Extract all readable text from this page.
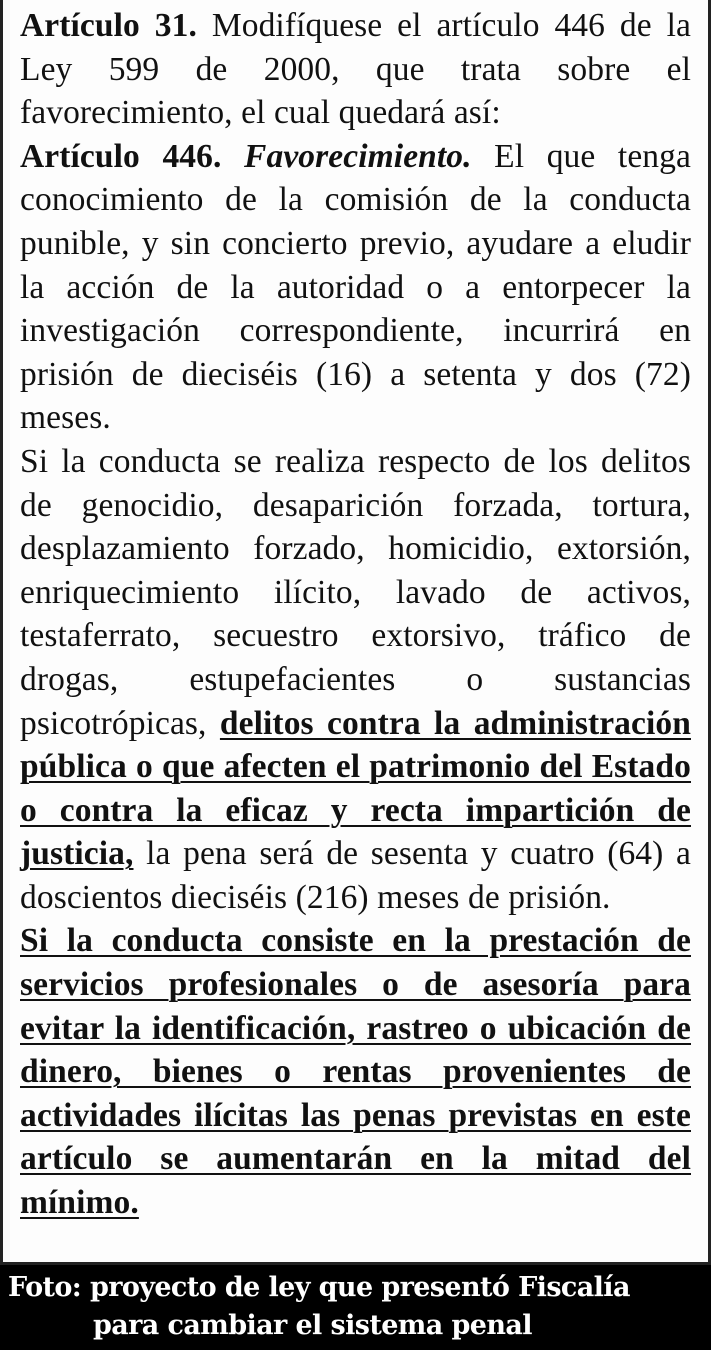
Artículo 31. Modifíquese el artículo 446 de la Ley 599 de 2000, que trata sobre el favorecimiento, el cual quedará así:

Artículo 446. Favorecimiento. El que tenga conocimiento de la comisión de la conducta punible, y sin concierto previo, ayudare a eludir la acción de la autoridad o a entorpecer la investigación correspondiente, incurrirá en prisión de dieciséis (16) a setenta y dos (72) meses.

Si la conducta se realiza respecto de los delitos de genocidio, desaparición forzada, tortura, desplazamiento forzado, homicidio, extorsión, enriquecimiento ilícito, lavado de activos, testaferrato, secuestro extorsivo, tráfico de drogas, estupefacientes o sustancias psicotrópicas, delitos contra la administración pública o que afecten el patrimonio del Estado o contra la eficaz y recta impartición de justicia, la pena será de sesenta y cuatro (64) a doscientos dieciséis (216) meses de prisión.

Si la conducta consiste en la prestación de servicios profesionales o de asesoría para evitar la identificación, rastreo o ubicación de dinero, bienes o rentas provenientes de actividades ilícitas las penas previstas en este artículo se aumentarán en la mitad del mínimo.

Foto: proyecto de ley que presentó Fiscalía
para cambiar el sistema penal
